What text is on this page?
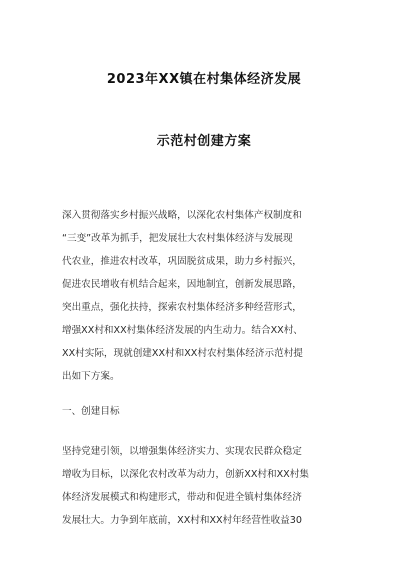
2023年XX镇在村集体经济发展
示范村创建方案
深入贯彻落实乡村振兴战略，以深化农村集体产权制度和
“三变”改革为抓手，把发展壮大农村集体经济与发展现
代农业，推进农村改革，巩固脱贫成果，助力乡村振兴，
促进农民增收有机结合起来，因地制宜，创新发展思路，
突出重点，强化扶持，探索农村集体经济多种经营形式，
增强XX村和XX村集体经济发展的内生动力。结合XX村、
XX村实际，现就创建XX村和XX村农村集体经济示范村提
出如下方案。
一、创建目标
坚持党建引领，以增强集体经济实力、实现农民群众稳定
增收为目标，以深化农村改革为动力，创新XX村和XX村集
体经济发展模式和构建形式，带动和促进全镇村集体经济
发展壮大。力争到年底前，XX村和XX村年经营性收益30
